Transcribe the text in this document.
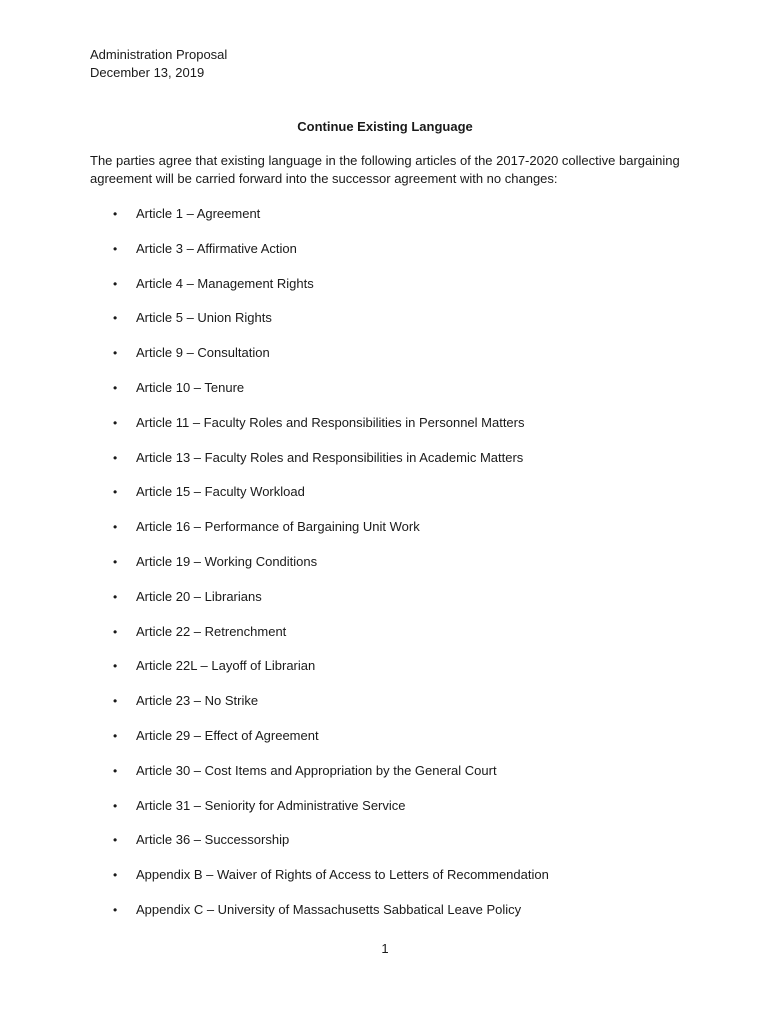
Administration Proposal
December 13, 2019
Continue Existing Language
The parties agree that existing language in the following articles of the 2017-2020 collective bargaining
agreement will be carried forward into the successor agreement with no changes:
• Article 1 – Agreement
• Article 3 – Affirmative Action
• Article 4 – Management Rights
• Article 5 – Union Rights
• Article 9 – Consultation
• Article 10 – Tenure
• Article 11 – Faculty Roles and Responsibilities in Personnel Matters
• Article 13 – Faculty Roles and Responsibilities in Academic Matters
• Article 15 – Faculty Workload
• Article 16 – Performance of Bargaining Unit Work
• Article 19 – Working Conditions
• Article 20 – Librarians
• Article 22 – Retrenchment
• Article 22L – Layoff of Librarian
• Article 23 – No Strike
• Article 29 – Effect of Agreement
• Article 30 – Cost Items and Appropriation by the General Court
• Article 31 – Seniority for Administrative Service
• Article 36 – Successorship
• Appendix B – Waiver of Rights of Access to Letters of Recommendation
• Appendix C – University of Massachusetts Sabbatical Leave Policy
1
